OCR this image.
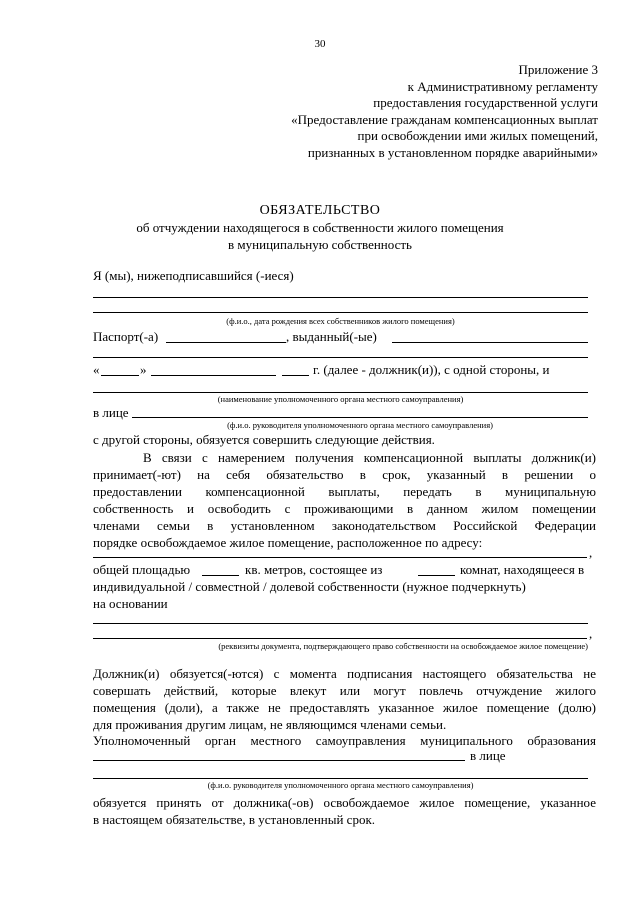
30
Приложение 3
к Административному регламенту
предоставления государственной услуги
«Предоставление гражданам компенсационных выплат
при освобождении ими жилых помещений,
признанных в установленном порядке аварийными»
ОБЯЗАТЕЛЬСТВО
об отчуждении находящегося в собственности жилого помещения
в муниципальную собственность
Я (мы), нижеподписавшийся (-иеся)
(ф.и.о., дата рождения всех собственников жилого помещения)
Паспорт(-а)	, выданный(-ые)
«	»	г. (далее - должник(и)), с одной стороны, и
(наименование уполномоченного органа местного самоуправления)
в лице
(ф.и.о. руководителя уполномоченного органа местного самоуправления)
с другой стороны, обязуется совершить следующие действия.
В связи с намерением получения компенсационной выплаты должник(и)
принимает(-ют) на себя обязательство в срок, указанный в решении о
предоставлении компенсационной выплаты, передать в муниципальную
собственность и освободить с проживающими в данном жилом помещении
членами семьи в установленном законодательством Российской Федерации
порядке освобождаемое жилое помещение, расположенное по адресу:
,
общей площадью	кв. метров, состоящее из	комнат, находящееся в
индивидуальной / совместной / долевой собственности (нужное подчеркнуть)
на основании
,
(реквизиты документа, подтверждающего право собственности на освобождаемое жилое помещение)
Должник(и) обязуется(-ются) с момента подписания настоящего обязательства не
совершать действий, которые влекут или могут повлечь отчуждение жилого
помещения (доли), а также не предоставлять указанное жилое помещение (долю)
для проживания другим лицам, не являющимся членами семьи.
Уполномоченный орган местного самоуправления муниципального образования
в лице
(ф.и.о. руководителя уполномоченного органа местного самоуправления)
обязуется принять от должника(-ов) освобождаемое жилое помещение, указанное
в настоящем обязательстве, в установленный срок.
